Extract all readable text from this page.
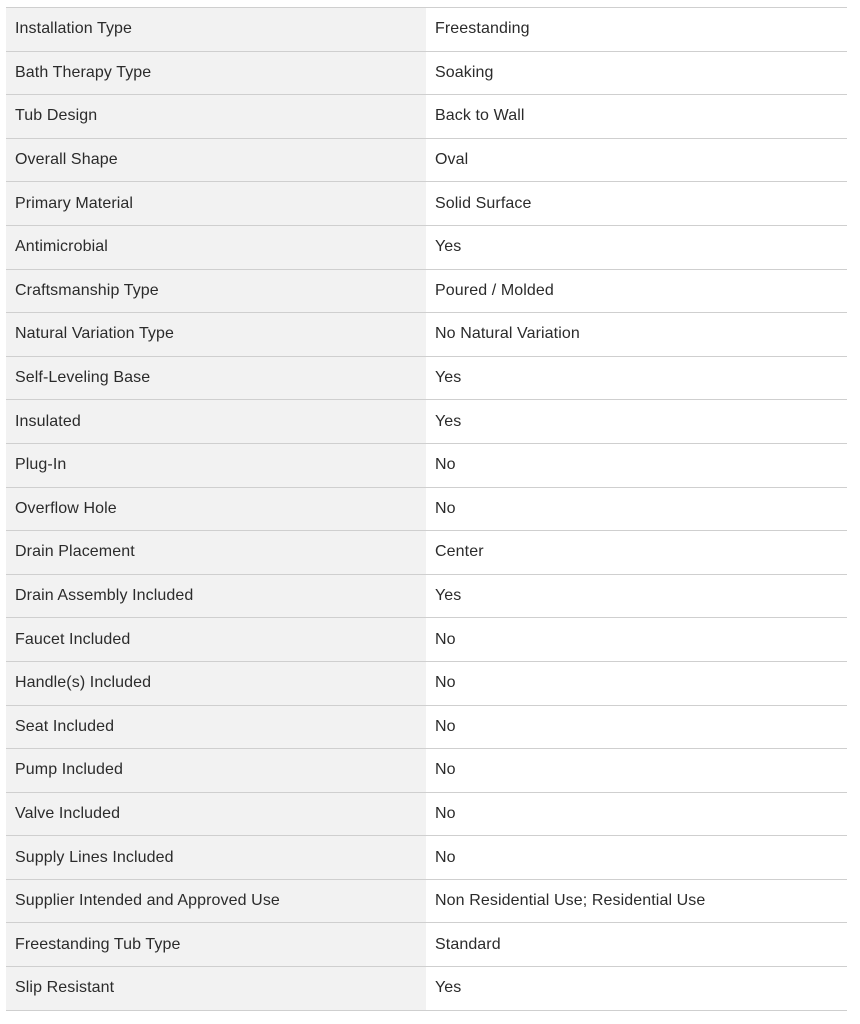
Installation Type	Freestanding
Bath Therapy Type	Soaking
Tub Design	Back to Wall
Overall Shape	Oval
Primary Material	Solid Surface
Antimicrobial	Yes
Craftsmanship Type	Poured / Molded
Natural Variation Type	No Natural Variation
Self-Leveling Base	Yes
Insulated	Yes
Plug-In	No
Overflow Hole	No
Drain Placement	Center
Drain Assembly Included	Yes
Faucet Included	No
Handle(s) Included	No
Seat Included	No
Pump Included	No
Valve Included	No
Supply Lines Included	No
Supplier Intended and Approved Use	Non Residential Use; Residential Use
Freestanding Tub Type	Standard
Slip Resistant	Yes
